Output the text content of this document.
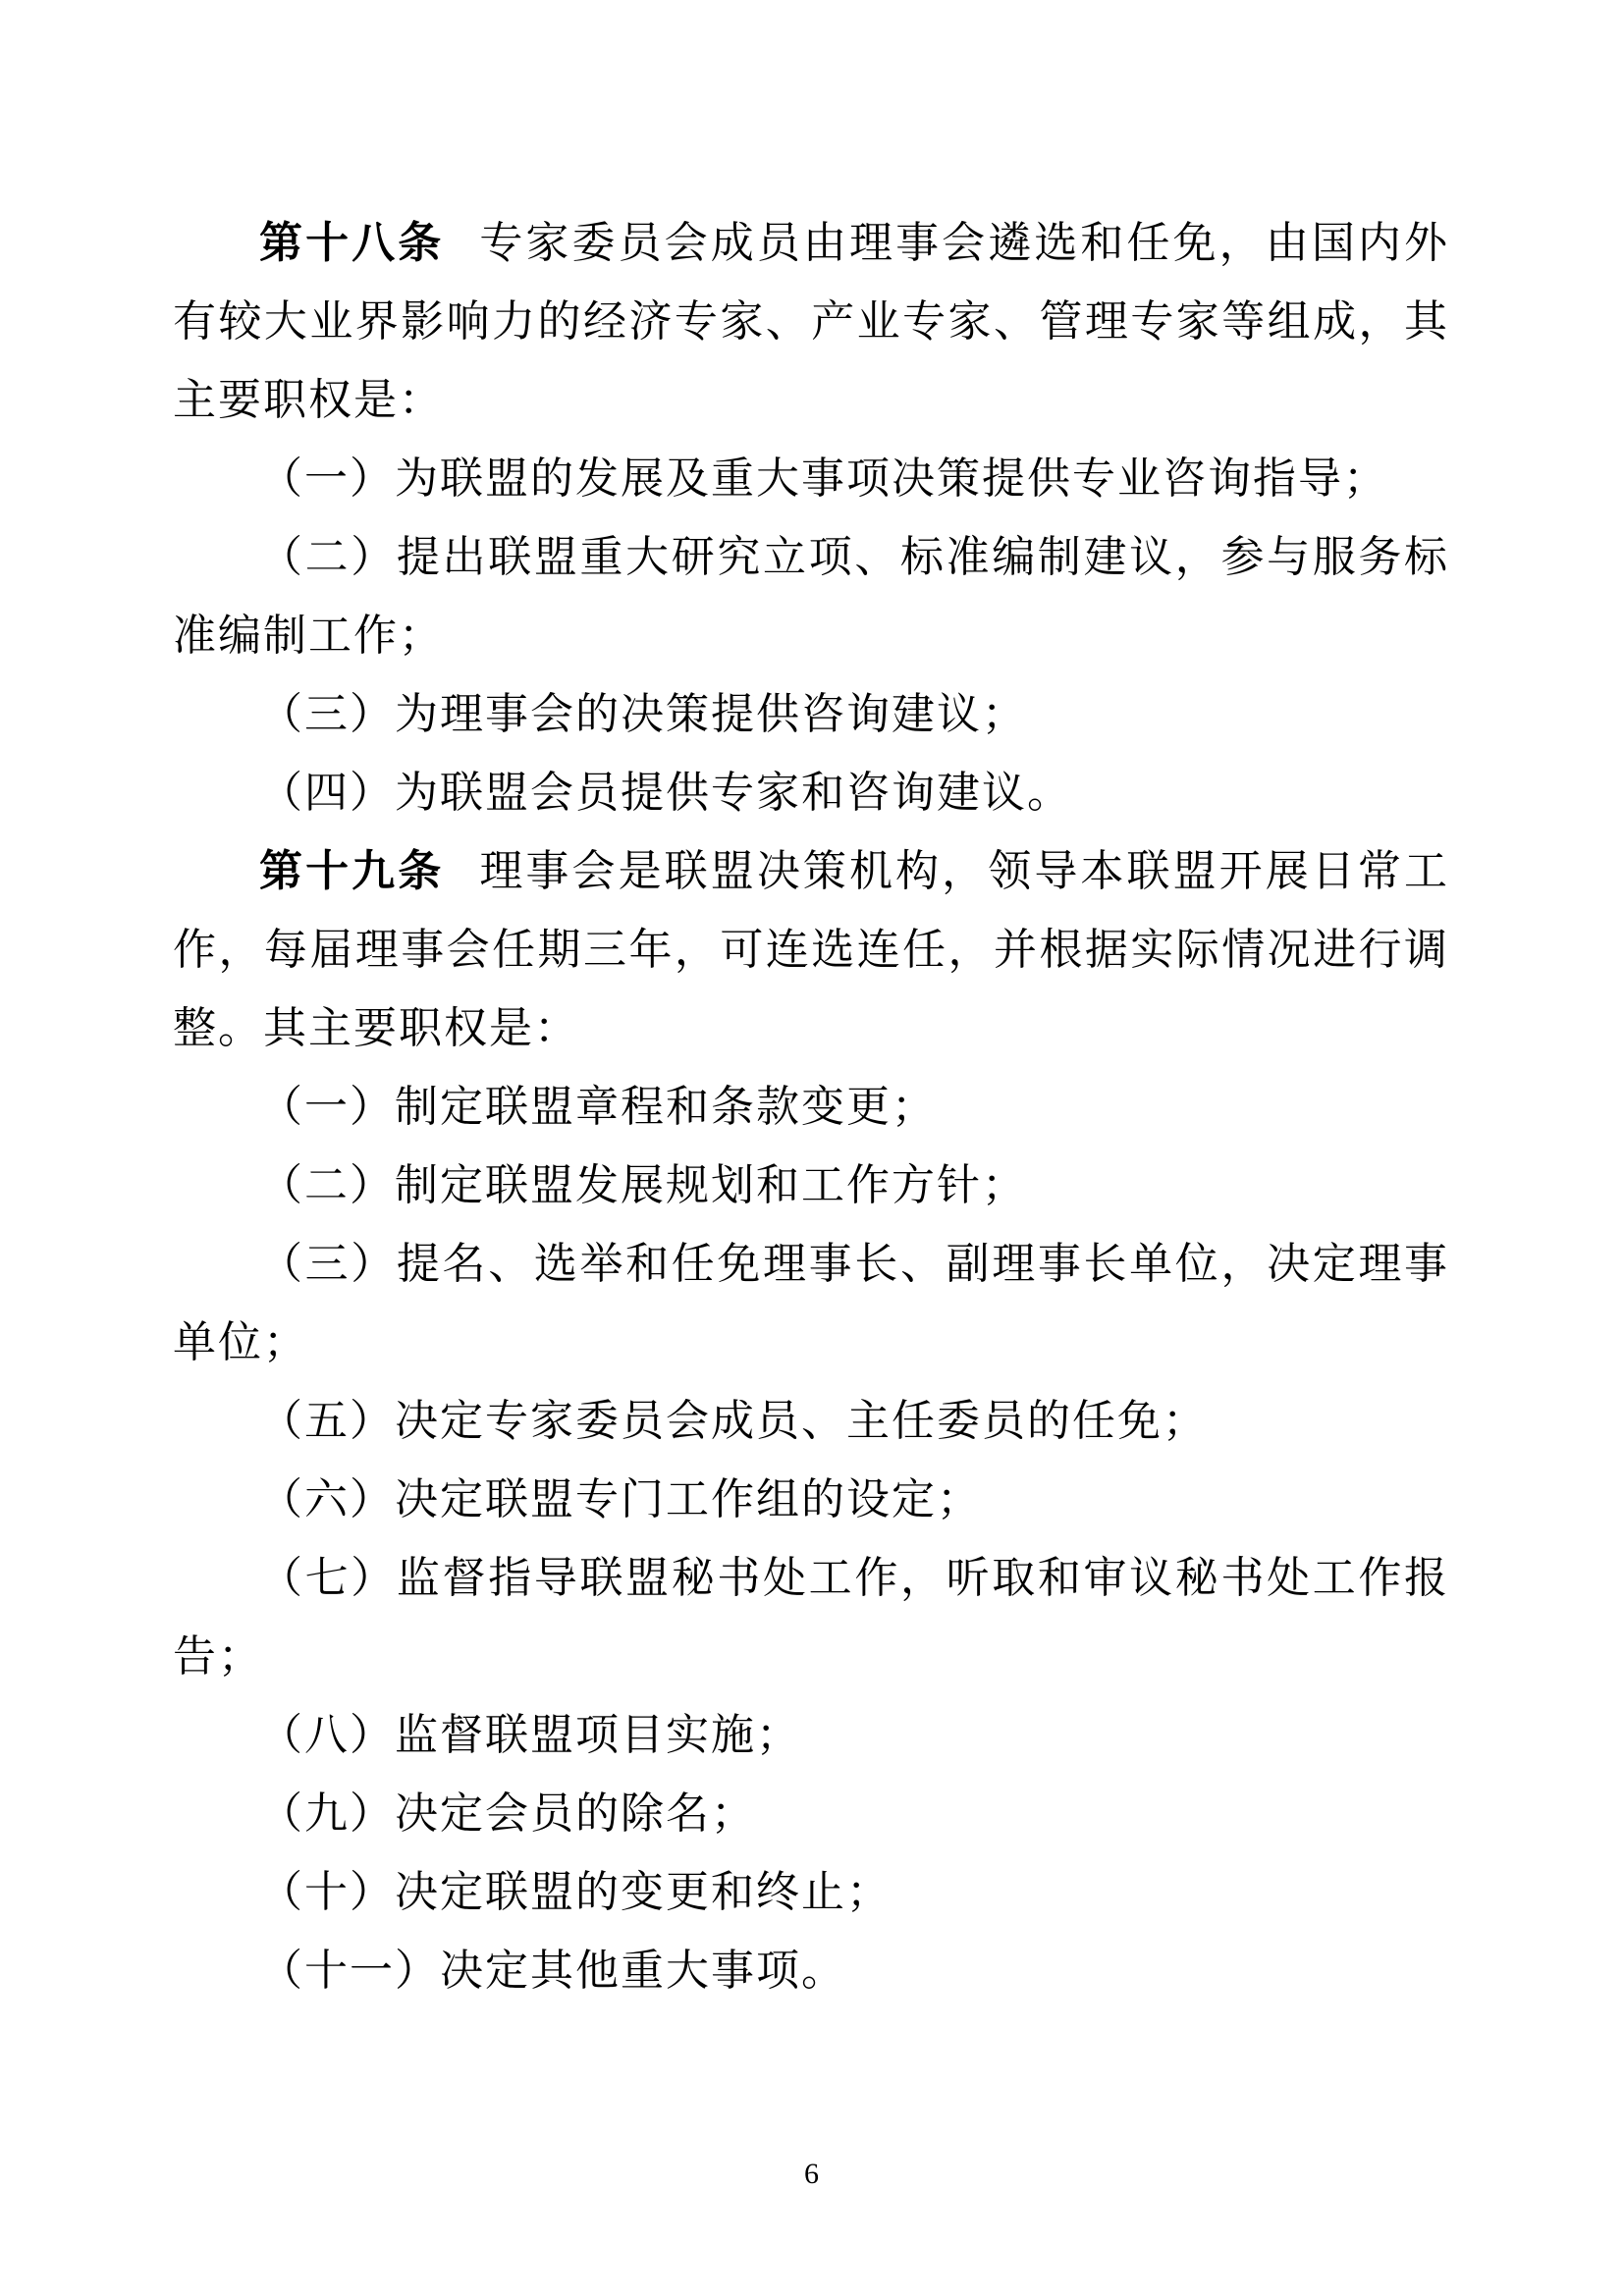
第十八条 专家委员会成员由理事会遴选和任免，由国内外有较大业界影响力的经济专家、产业专家、管理专家等组成，其主要职权是：

（一）为联盟的发展及重大事项决策提供专业咨询指导；

（二）提出联盟重大研究立项、标准编制建议，参与服务标准编制工作；

（三）为理事会的决策提供咨询建议；

（四）为联盟会员提供专家和咨询建议。

第十九条 理事会是联盟决策机构，领导本联盟开展日常工作，每届理事会任期三年，可连选连任，并根据实际情况进行调整。其主要职权是：

（一）制定联盟章程和条款变更；

（二）制定联盟发展规划和工作方针；

（三）提名、选举和任免理事长、副理事长单位，决定理事单位；

（五）决定专家委员会成员、主任委员的任免；

（六）决定联盟专门工作组的设定；

（七）监督指导联盟秘书处工作，听取和审议秘书处工作报告；

（八）监督联盟项目实施；

（九）决定会员的除名；

（十）决定联盟的变更和终止；

（十一）决定其他重大事项。

6
